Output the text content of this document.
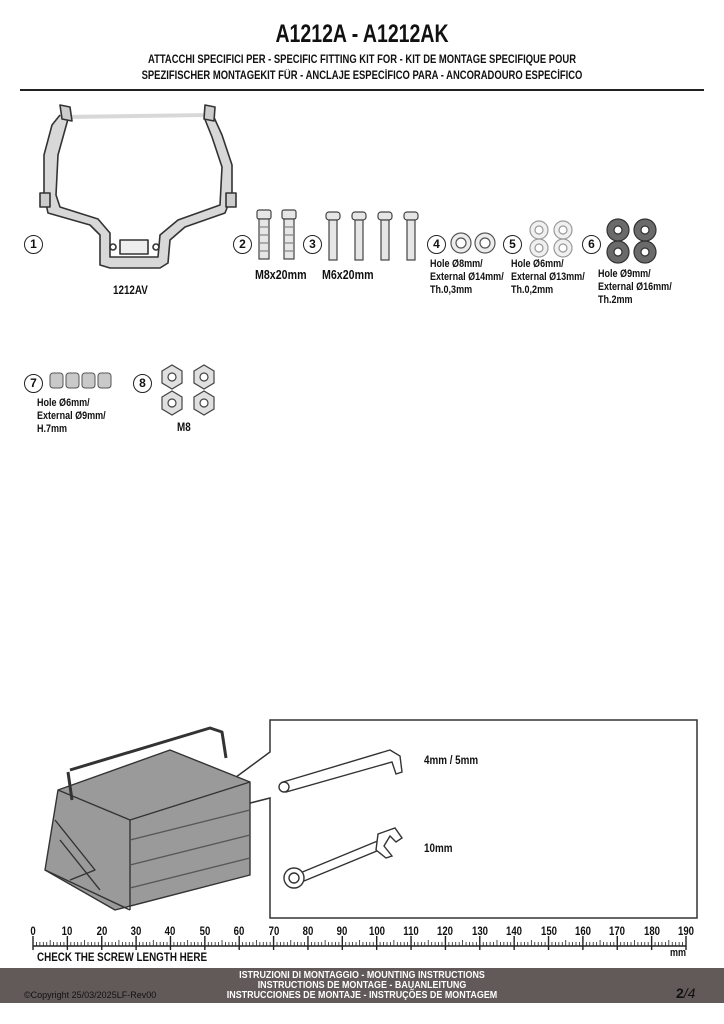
A1212A - A1212AK
ATTACCHI SPECIFICI PER - SPECIFIC FITTING KIT FOR - KIT DE MONTAGE SPECIFIQUE POUR
SPEZIFISCHER MONTAGEKIT FÜR - ANCLAJE ESPECÍFICO PARA - ANCORADOURO ESPECÍFICO
1	2	3	4	5	6
7	8
1212AV
M8x20mm M6x20mm
Hole Ø8mm/
External Ø14mm/
Th.0,3mm
Hole Ø6mm/
External Ø13mm/
Th.0,2mm
Hole Ø9mm/
External Ø16mm/
Th.2mm
Hole Ø6mm/
External Ø9mm/
H.7mm	M8
4mm / 5mm
10mm
0 10 20 30 40 50 60 70 80 90 100 110 120 130 140 150 160 170 180 190
CHECK THE SCREW LENGTH HERE	mm
ISTRUZIONI DI MONTAGGIO - MOUNTING INSTRUCTIONS
INSTRUCTIONS DE MONTAGE - BAUANLEITUNG
INSTRUCCIONES DE MONTAJE - INSTRUÇÕES DE MONTAGEM
©Copyright 25/03/2025LF-Rev00	2/4
